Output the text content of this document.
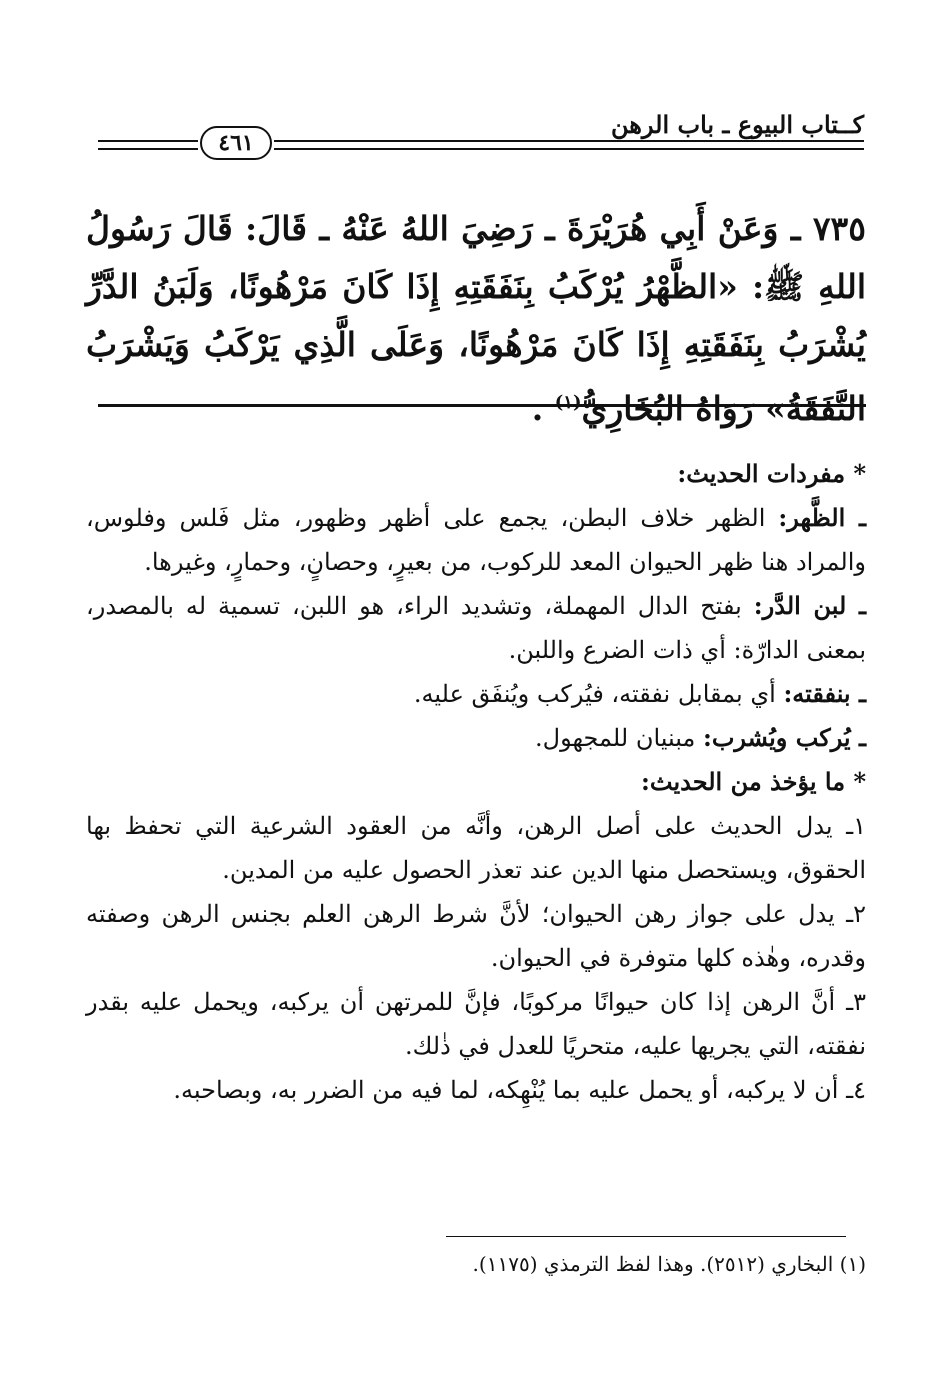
كــتاب البيوع ـ باب الرهن
٤٦١
٧٣٥ ـ وَعَنْ أَبِي هُرَيْرَةَ ـ رَضِيَ اللهُ عَنْهُ ـ قَالَ: قَالَ رَسُولُ اللهِ ﷺ: «الظَّهْرُ يُرْكَبُ بِنَفَقَتِهِ إِذَا كَانَ مَرْهُونًا، وَلَبَنُ الدَّرِّ يُشْرَبُ بِنَفَقَتِهِ إِذَا كَانَ مَرْهُونًا، وَعَلَى الَّذِي يَرْكَبُ وَيَشْرَبُ النَّفَقَةُ» رَوَاهُ البُخَارِيُّ$^{(١)}$ .

* مفردات الحديث:

ـ الظَّهر: الظهر خلاف البطن، يجمع على أظهر وظهور، مثل فَلس وفلوس، والمراد هنا ظهر الحيوان المعد للركوب، من بعيرٍ، وحصانٍ، وحمارٍ، وغيرها.

ـ لبن الدَّر: بفتح الدال المهملة، وتشديد الراء، هو اللبن، تسمية له بالمصدر، بمعنى الدارّة: أي ذات الضرع واللبن.

ـ بنفقته: أي بمقابل نفقته، فيُركب ويُنفَق عليه.

ـ يُركب ويُشرب: مبنيان للمجهول.

* ما يؤخذ من الحديث:

١ـ يدل الحديث على أصل الرهن، وأنَّه من العقود الشرعية التي تحفظ بها الحقوق، ويستحصل منها الدين عند تعذر الحصول عليه من المدين.

٢ـ يدل على جواز رهن الحيوان؛ لأنَّ شرط الرهن العلم بجنس الرهن وصفته وقدره، وهٰذه كلها متوفرة في الحيوان.

٣ـ أنَّ الرهن إذا كان حيوانًا مركوبًا، فإنَّ للمرتهن أن يركبه، ويحمل عليه بقدر نفقته، التي يجريها عليه، متحريًا للعدل في ذٰلك.

٤ـ أن لا يركبه، أو يحمل عليه بما يُنْهِكه، لما فيه من الضرر به، وبصاحبه.

(١) البخاري (٢٥١٢). وهذا لفظ الترمذي (١١٧٥).
